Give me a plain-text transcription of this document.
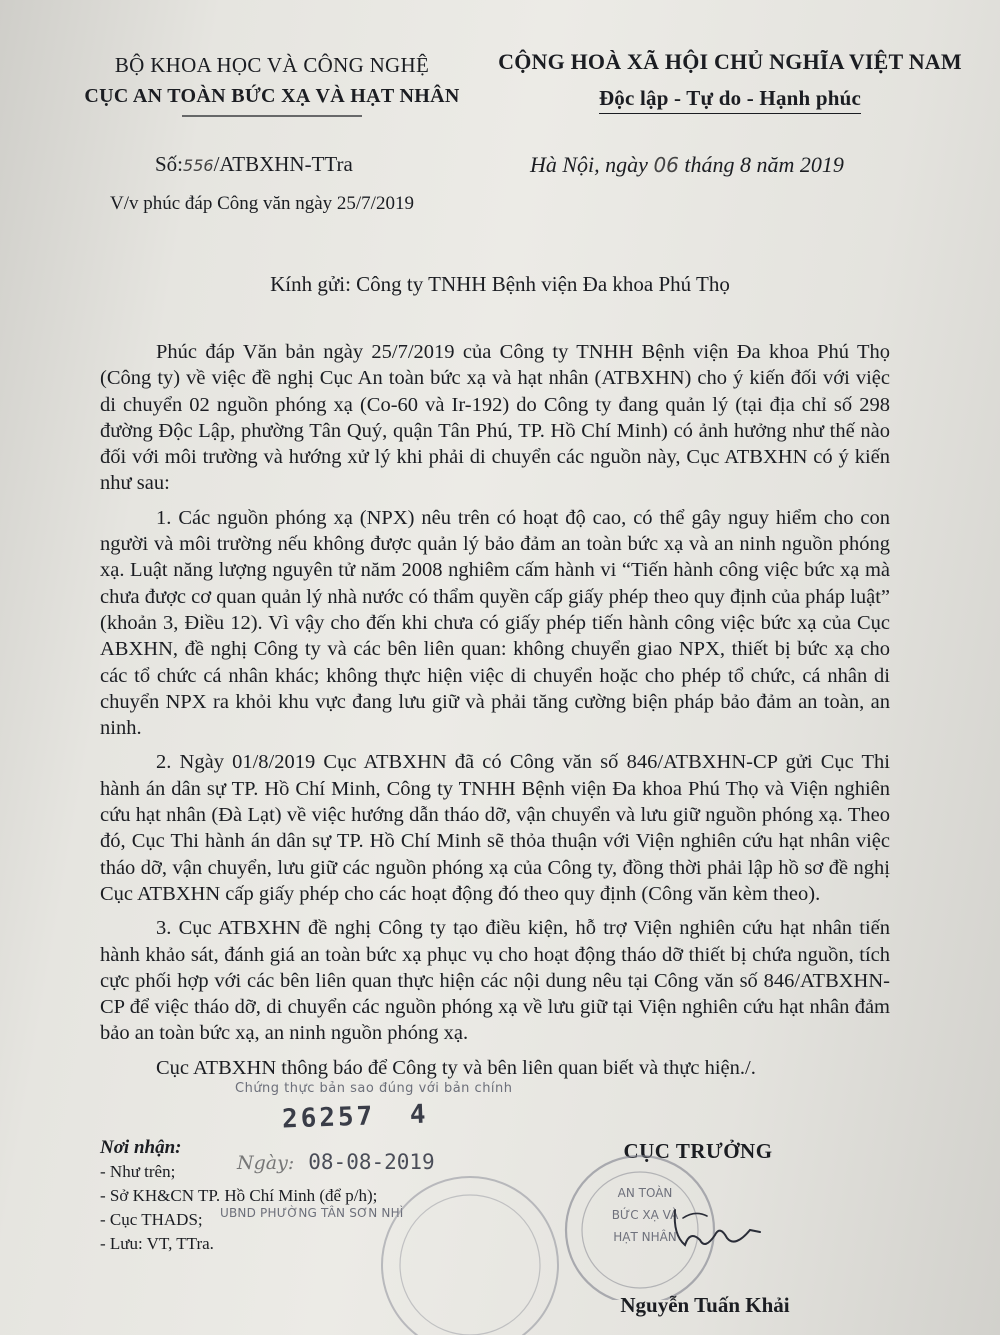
BỘ KHOA HỌC VÀ CÔNG NGHỆ
CỤC AN TOÀN BỨC XẠ VÀ HẠT NHÂN
CỘNG HOÀ XÃ HỘI CHỦ NGHĨA VIỆT NAM
Độc lập - Tự do - Hạnh phúc
Số:556/ATBXHN-TTra	Hà Nội, ngày 06 tháng 8 năm 2019
V/v phúc đáp Công văn ngày 25/7/2019
Kính gửi: Công ty TNHH Bệnh viện Đa khoa Phú Thọ

Phúc đáp Văn bản ngày 25/7/2019 của Công ty TNHH Bệnh viện Đa khoa Phú Thọ (Công ty) về việc đề nghị Cục An toàn bức xạ và hạt nhân (ATBXHN) cho ý kiến đối với việc di chuyển 02 nguồn phóng xạ (Co-60 và Ir-192) do Công ty đang quản lý (tại địa chỉ số 298 đường Độc Lập, phường Tân Quý, quận Tân Phú, TP. Hồ Chí Minh) có ảnh hưởng như thế nào đối với môi trường và hướng xử lý khi phải di chuyển các nguồn này, Cục ATBXHN có ý kiến như sau:

1. Các nguồn phóng xạ (NPX) nêu trên có hoạt độ cao, có thể gây nguy hiểm cho con người và môi trường nếu không được quản lý bảo đảm an toàn bức xạ và an ninh nguồn phóng xạ. Luật năng lượng nguyên tử năm 2008 nghiêm cấm hành vi “Tiến hành công việc bức xạ mà chưa được cơ quan quản lý nhà nước có thẩm quyền cấp giấy phép theo quy định của pháp luật” (khoản 3, Điều 12). Vì vậy cho đến khi chưa có giấy phép tiến hành công việc bức xạ của Cục ABXHN, đề nghị Công ty và các bên liên quan: không chuyển giao NPX, thiết bị bức xạ cho các tổ chức cá nhân khác; không thực hiện việc di chuyển hoặc cho phép tổ chức, cá nhân di chuyển NPX ra khỏi khu vực đang lưu giữ và phải tăng cường biện pháp bảo đảm an toàn, an ninh.

2. Ngày 01/8/2019 Cục ATBXHN đã có Công văn số 846/ATBXHN-CP gửi Cục Thi hành án dân sự TP. Hồ Chí Minh, Công ty TNHH Bệnh viện Đa khoa Phú Thọ và Viện nghiên cứu hạt nhân (Đà Lạt) về việc hướng dẫn tháo dỡ, vận chuyển và lưu giữ nguồn phóng xạ. Theo đó, Cục Thi hành án dân sự TP. Hồ Chí Minh sẽ thỏa thuận với Viện nghiên cứu hạt nhân việc tháo dỡ, vận chuyển, lưu giữ các nguồn phóng xạ của Công ty, đồng thời phải lập hồ sơ đề nghị Cục ATBXHN cấp giấy phép cho các hoạt động đó theo quy định (Công văn kèm theo).

3. Cục ATBXHN đề nghị Công ty tạo điều kiện, hỗ trợ Viện nghiên cứu hạt nhân tiến hành khảo sát, đánh giá an toàn bức xạ phục vụ cho hoạt động tháo dỡ thiết bị chứa nguồn, tích cực phối hợp với các bên liên quan thực hiện các nội dung nêu tại Công văn số 846/ATBXHN-CP để việc tháo dỡ, di chuyển các nguồn phóng xạ về lưu giữ tại Viện nghiên cứu hạt nhân đảm bảo an toàn bức xạ, an ninh nguồn phóng xạ.

Cục ATBXHN thông báo để Công ty và bên liên quan biết và thực hiện./.

Chứng thực bản sao đúng với bản chính
26257 4
Ngày: 08-08-2019
UBND PHƯỜNG TÂN SƠN NHÌ
Nơi nhận:
- Như trên;
- Sở KH&CN TP. Hồ Chí Minh (để p/h);
- Cục THADS;
- Lưu: VT, TTra.
CỤC TRƯỞNG
AN TOÀN
BỨC XẠ VÀ
HẠT NHÂN
Nguyễn Tuấn Khải
